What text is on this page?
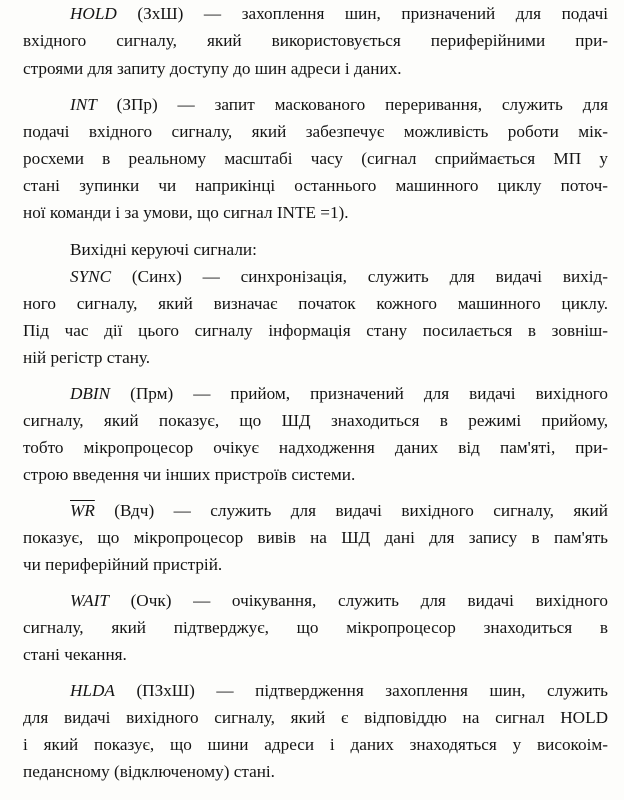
HOLD (ЗхШ) — захоплення шин, призначений для подачі
вхідного сигналу, який використовується периферійними при-
строями для запиту доступу до шин адреси і даних.
INT (ЗПр) — запит маскованого переривання, служить для
подачі вхідного сигналу, який забезпечує можливість роботи мік-
росхеми в реальному масштабі часу (сигнал сприймається МП у
стані зупинки чи наприкінці останнього машинного циклу поточ-
ної команди і за умови, що сигнал INTE =1).
Вихідні керуючі сигнали:
SYNC (Синх) — синхронізація, служить для видачі вихід-
ного сигналу, який визначає початок кожного машинного циклу.
Під час дії цього сигналу інформація стану посилається в зовніш-
ній регістр стану.
DBIN (Прм) — прийом, призначений для видачі вихідного
сигналу, який показує, що ШД знаходиться в режимі прийому,
тобто мікропроцесор очікує надходження даних від пам'яті, при-
строю введення чи інших пристроїв системи.
$\overline{WR}$ (Вдч) — служить для видачі вихідного сигналу, який
показує, що мікропроцесор вивів на ШД дані для запису в пам'ять
чи периферійний пристрій.
WAIT (Очк) — очікування, служить для видачі вихідного
сигналу, який підтверджує, що мікропроцесор знаходиться в
стані чекання.
HLDA (ПЗхШ) — підтвердження захоплення шин, служить
для видачі вихідного сигналу, який є відповіддю на сигнал HOLD
і який показує, що шини адреси і даних знаходяться у високоім-
педансному (відключеному) стані.
